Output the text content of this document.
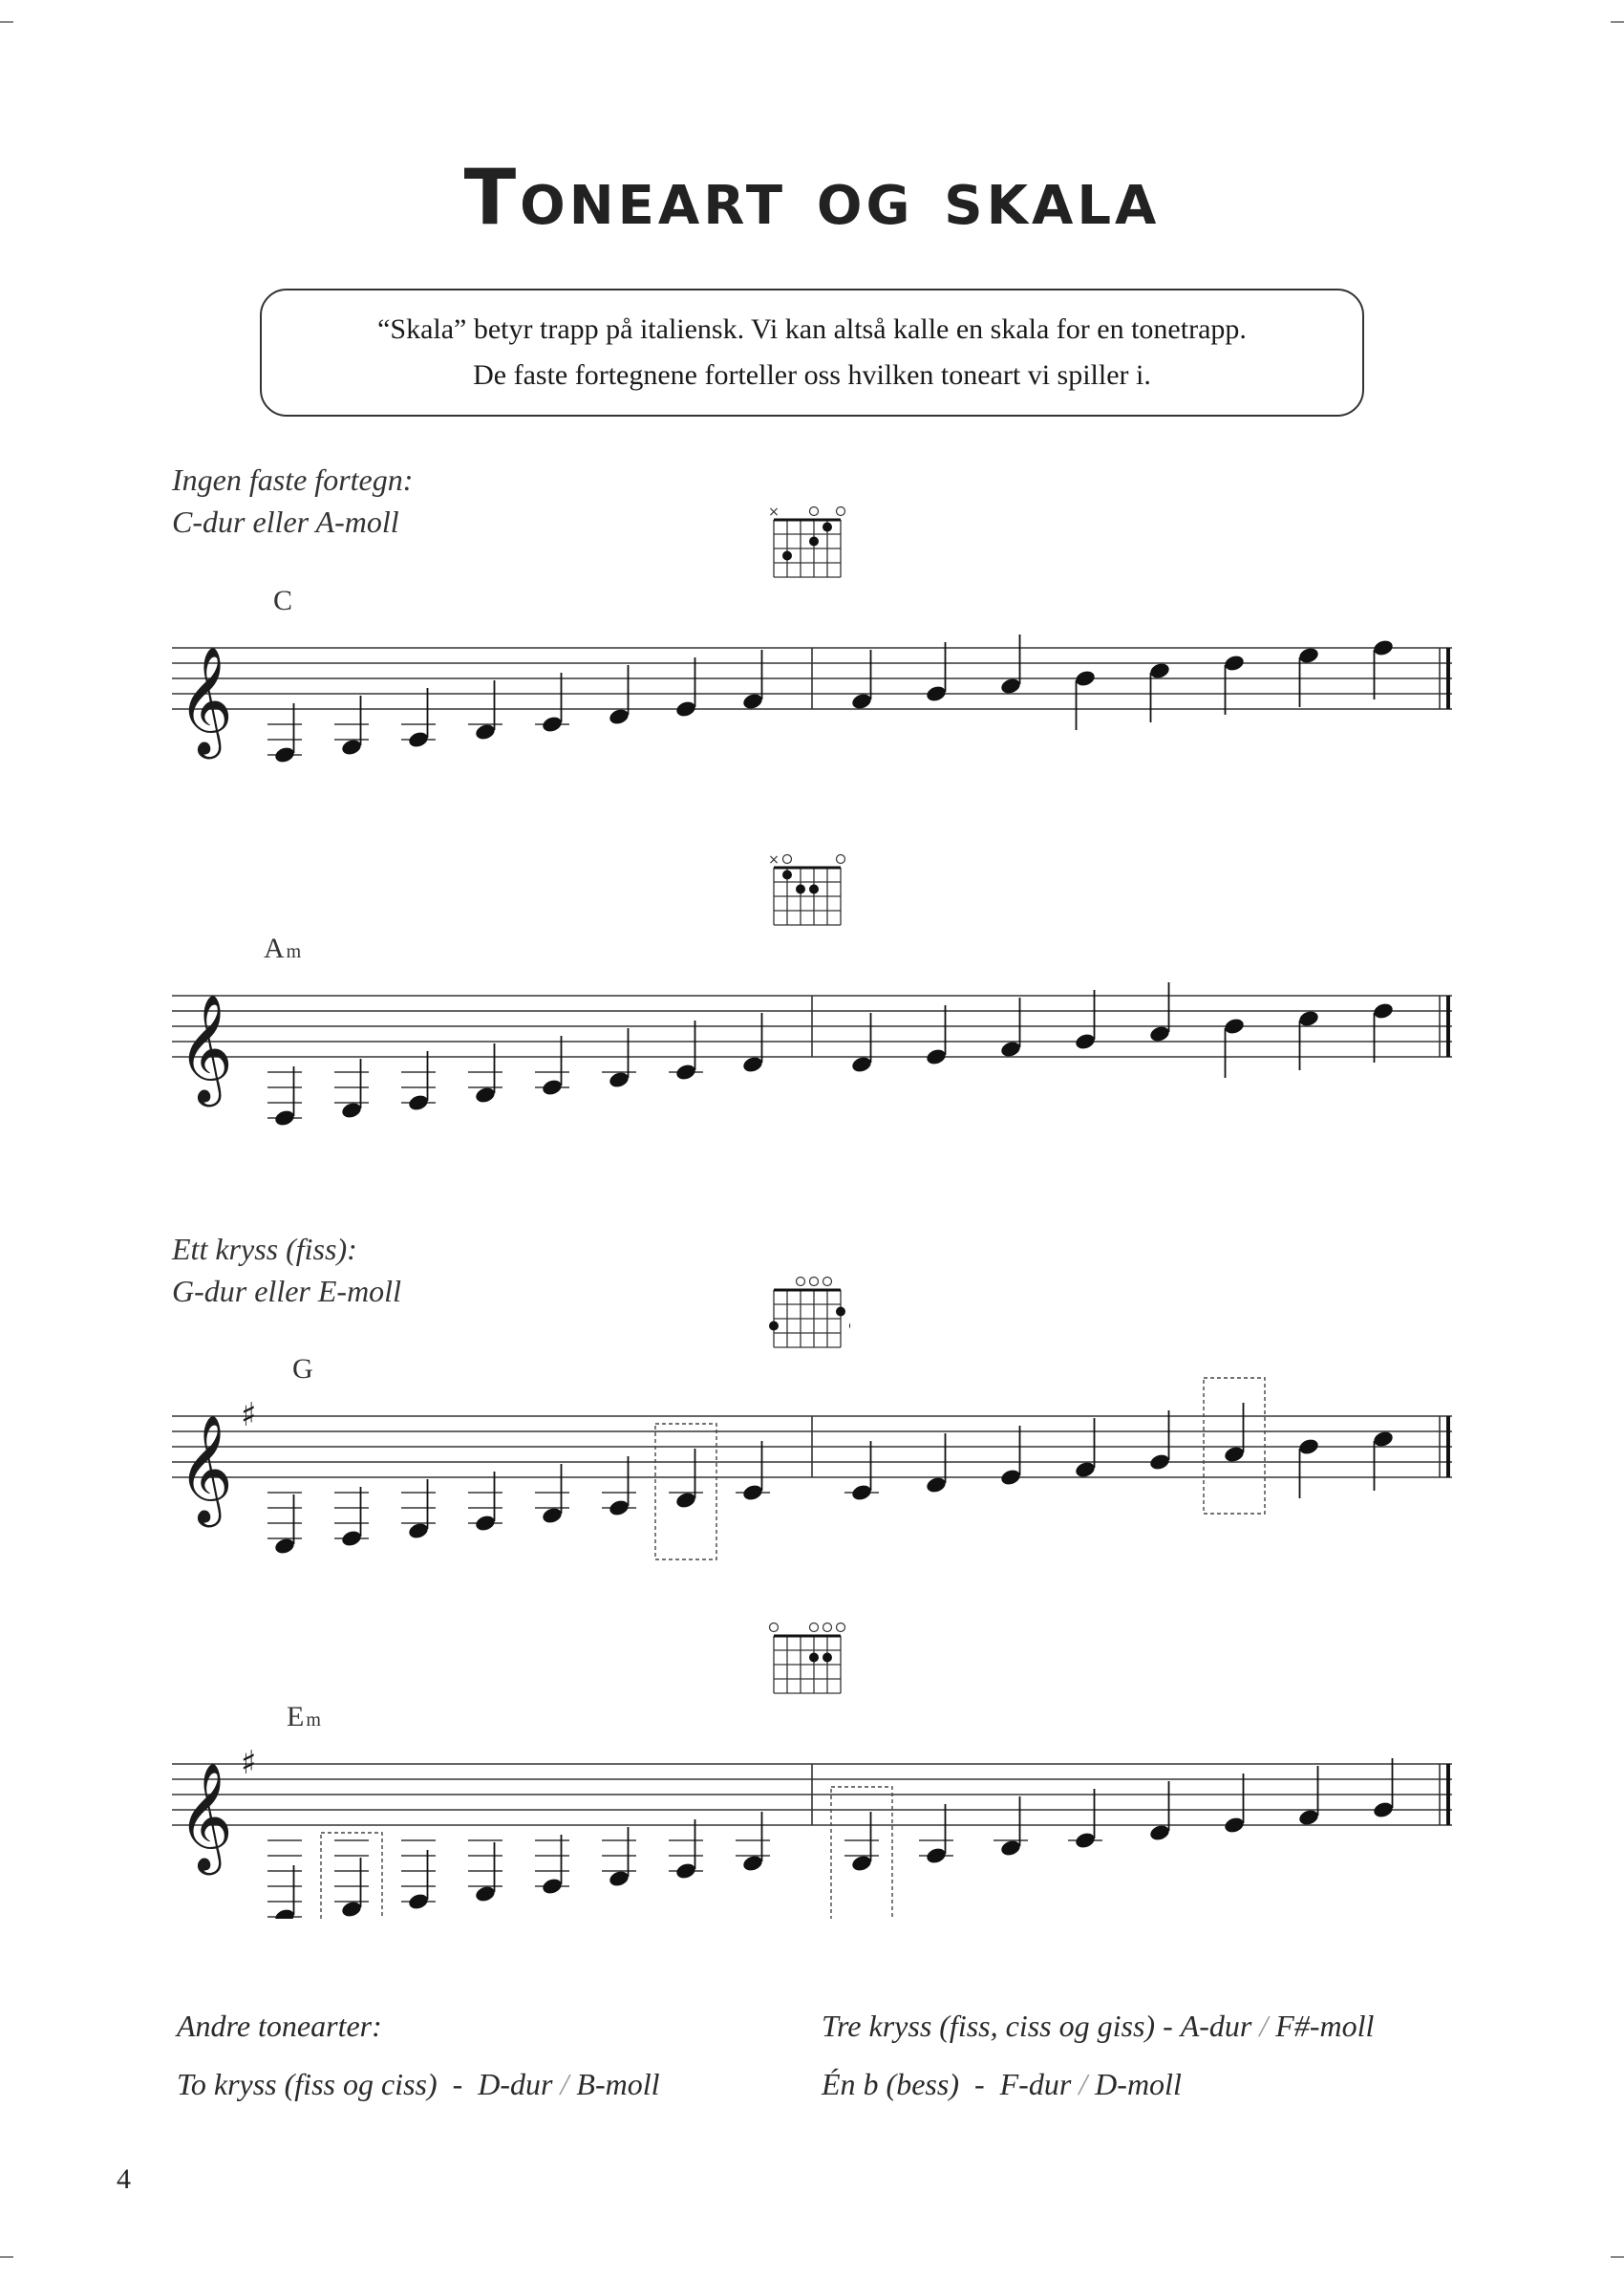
Toneart og skala

“Skala” betyr trapp på italiensk. Vi kan altså kalle en skala for en tonetrapp.

De faste fortegnene forteller oss hvilken toneart vi spiller i.

Ingen faste fortegn:
C-dur eller A-moll	×
C
𝄞
×
Am
𝄞
Ett kryss (fiss):
G-dur eller E-moll
G
𝄞 ♯
Em
𝄞 ♯
Andre tonearter:
To kryss (fiss og ciss) - D-dur / B-moll
Tre kryss (fiss, ciss og giss) - A-dur / F#-moll
Én b (bess) - F-dur / D-moll
4
